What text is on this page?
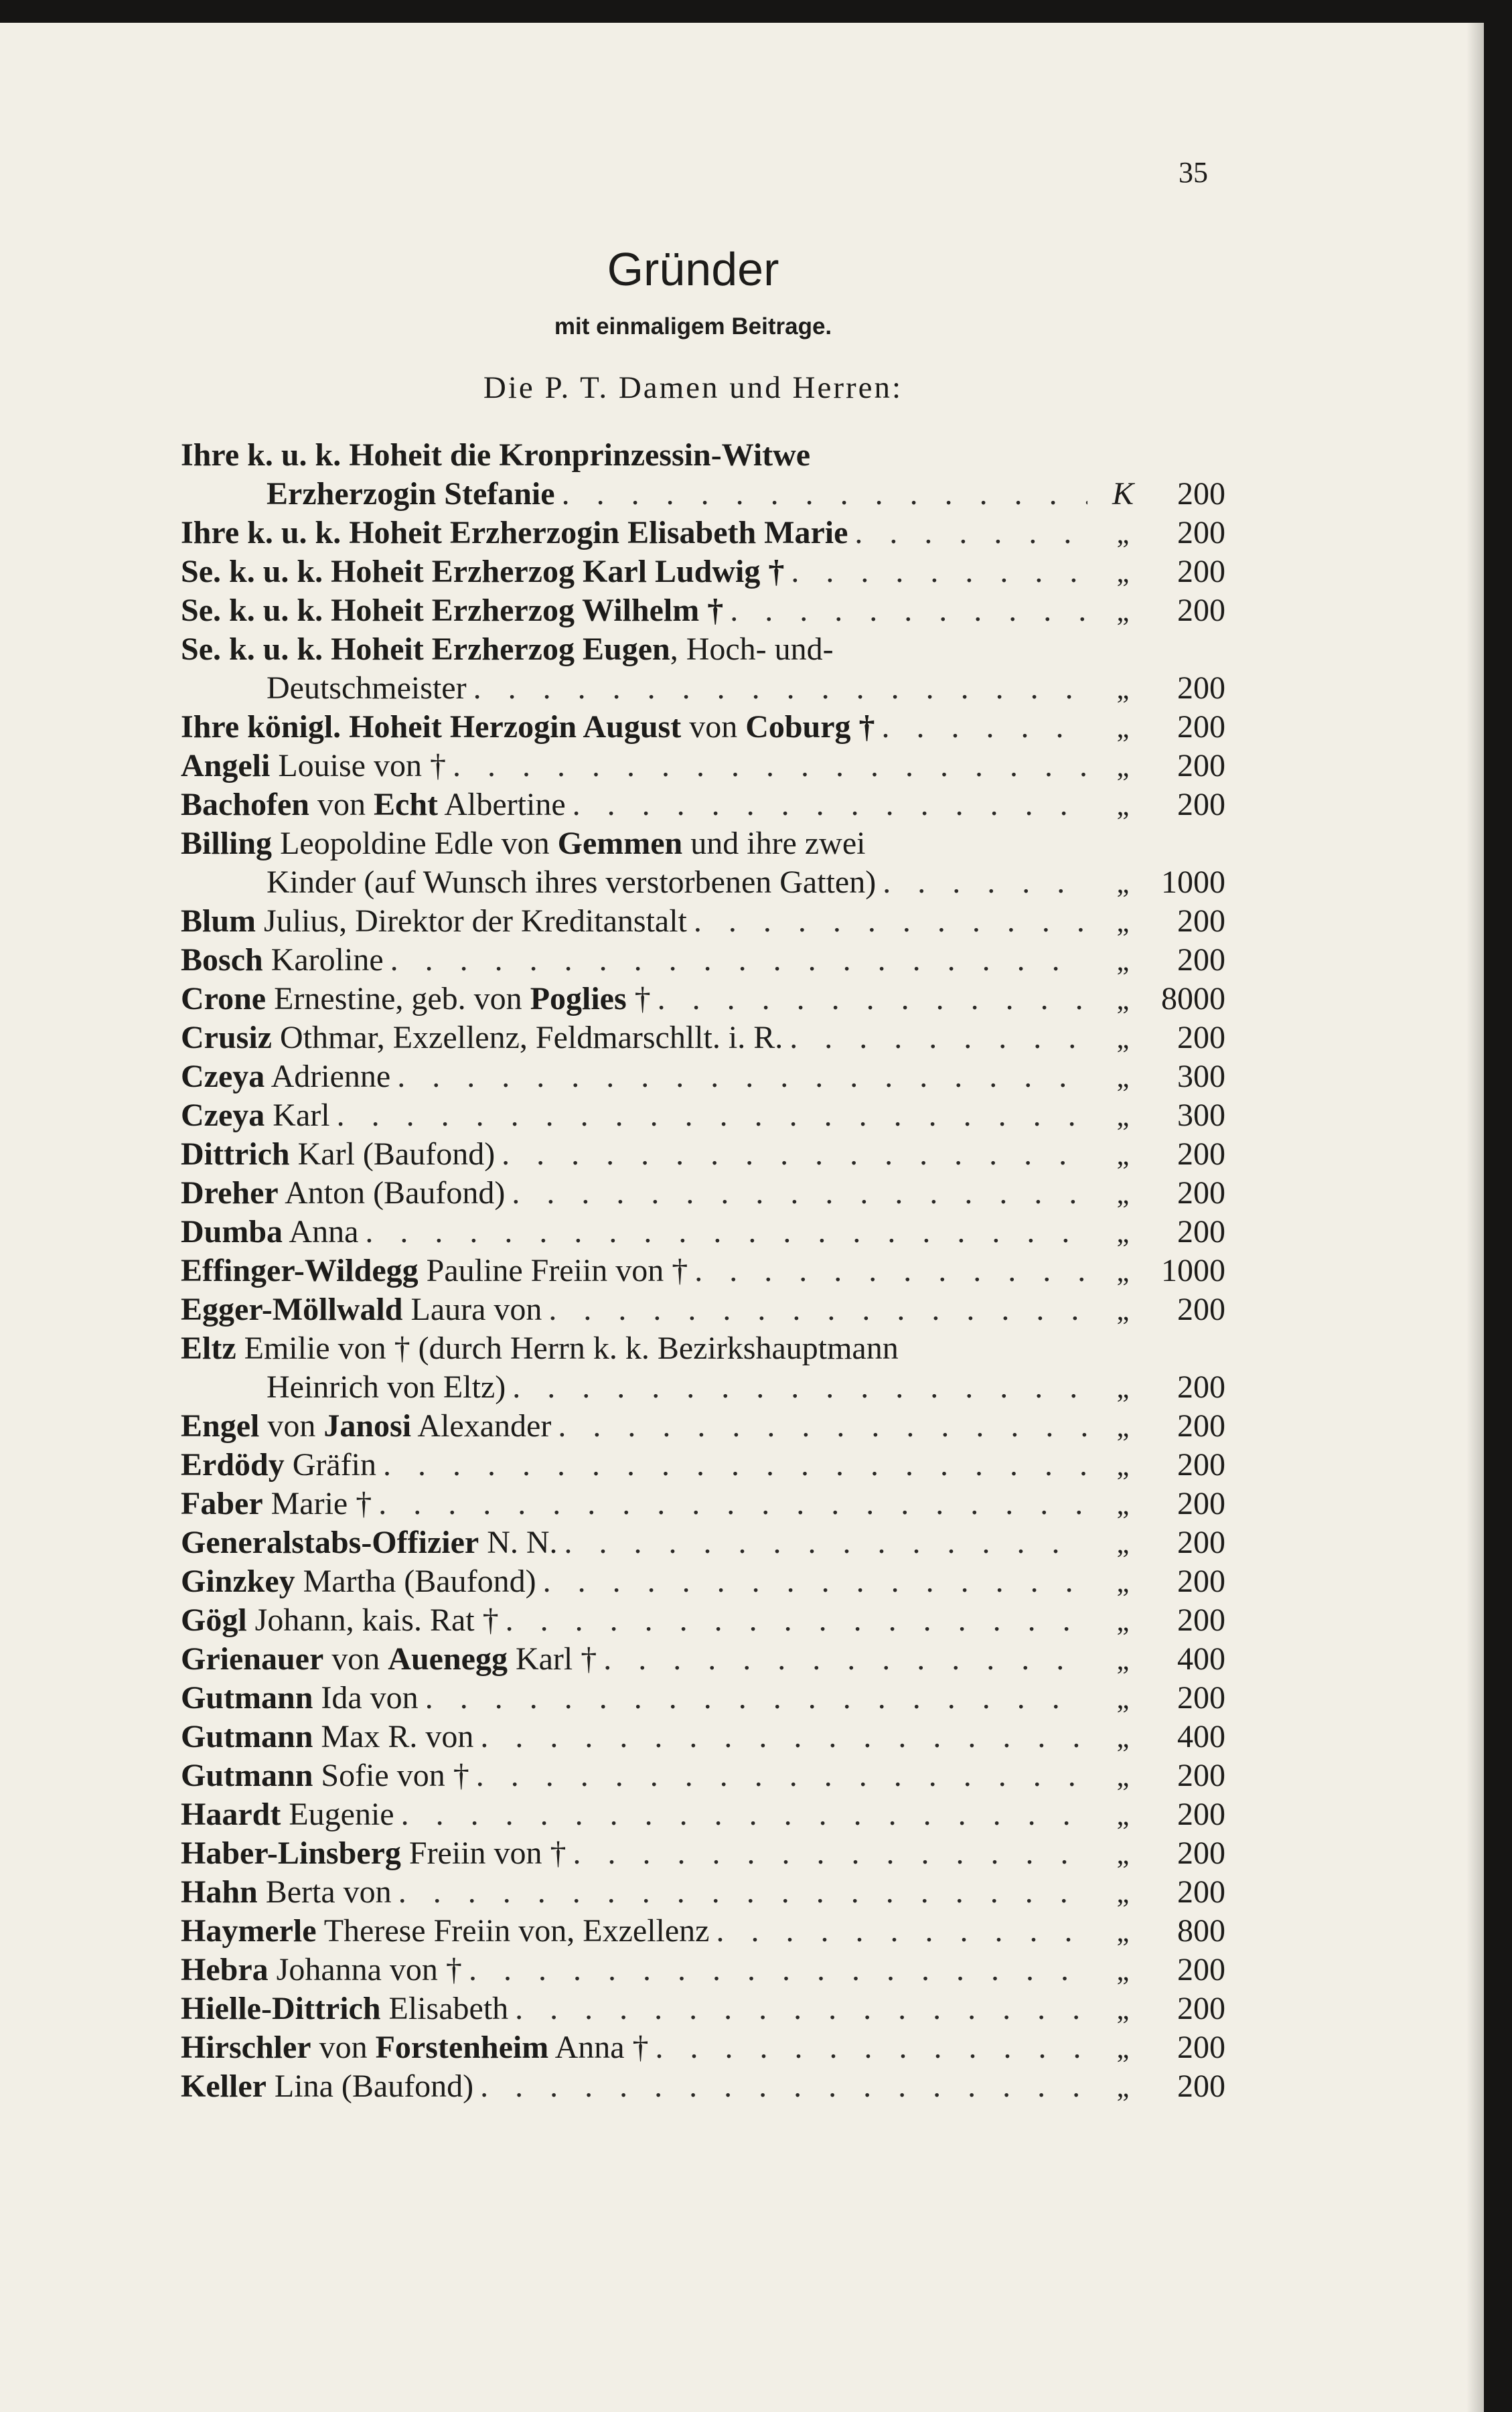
35
Gründer
mit einmaligem Beitrage.
Die P. T. Damen und Herren:
Ihre k. u. k. Hoheit die Kronprinzessin-Witwe
Erzherzogin Stefanie . . .	K	200
Ihre k. u. k. Hoheit Erzherzogin Elisabeth Marie . . .	„	200
Se. k. u. k. Hoheit Erzherzog Karl Ludwig † . . .	„	200
Se. k. u. k. Hoheit Erzherzog Wilhelm † . . .	„	200
Se. k. u. k. Hoheit Erzherzog Eugen, Hoch- und-
Deutschmeister . . .	„	200
Ihre königl. Hoheit Herzogin August von Coburg † . . .	„	200
Angeli Louise von † . . .	„	200
Bachofen von Echt Albertine . . .	„	200
Billing Leopoldine Edle von Gemmen und ihre zwei
Kinder (auf Wunsch ihres verstorbenen Gatten) . . .	„ 1000
Blum Julius, Direktor der Kreditanstalt . . .	„	200
Bosch Karoline . . .	„	200
Crone Ernestine, geb. von Poglies † . . .	„ 8000
Crusiz Othmar, Exzellenz, Feldmarschllt. i. R. . . .	„	200
Czeya Adrienne . . .	„	300
Czeya Karl . . .	„	300
Dittrich Karl (Baufond) . . .	„	200
Dreher Anton (Baufond) . . .	„	200
Dumba Anna . . .	„	200
Effinger-Wildegg Pauline Freiin von † . . .	„ 1000
Egger-Möllwald Laura von . . .	„	200
Eltz Emilie von † (durch Herrn k. k. Bezirkshauptmann
Heinrich von Eltz) . . .	„	200
Engel von Janosi Alexander . . .	„	200
Erdödy Gräfin . . .	„	200
Faber Marie † . . .	„	200
Generalstabs-Offizier N. N. . . .	„	200
Ginzkey Martha (Baufond) . . .	„	200
Gögl Johann, kais. Rat † . . .	„	200
Grienauer von Auenegg Karl † . . .	„	400
Gutmann Ida von . . .	„	200
Gutmann Max R. von . . .	„	400
Gutmann Sofie von † . . .	„	200
Haardt Eugenie . . .	„	200
Haber-Linsberg Freiin von † . . .	„	200
Hahn Berta von . . .	„	200
Haymerle Therese Freiin von, Exzellenz . . .	„	800
Hebra Johanna von † . . .	„	200
Hielle-Dittrich Elisabeth . . .	„	200
Hirschler von Forstenheim Anna † . . .	„	200
Keller Lina (Baufond) . . .	„	200
